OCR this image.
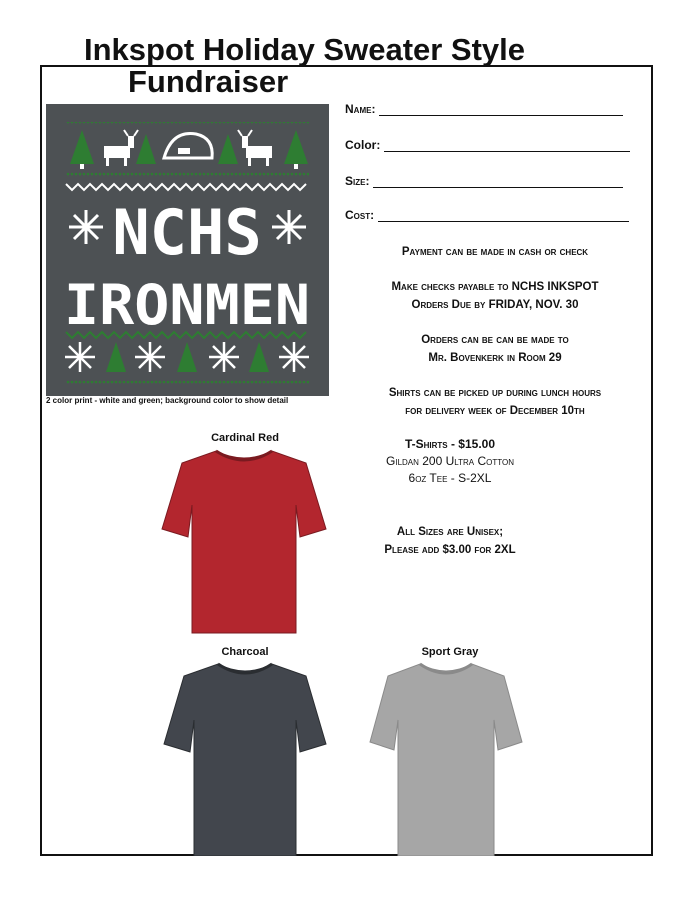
Inkspot Holiday Sweater Style
Fundraiser
NCHS
IRONMEN
2 color print - white and green; background color to show detail
Name:
Color:
Size:
Cost:
Payment can be made in cash or check
Make checks payable to NCHS INKSPOT
Orders Due by FRIDAY, NOV. 30
Orders can be can be made to
Mr. Bovenkerk in Room 29
Shirts can be picked up during lunch hours
for delivery week of December 10th
T-Shirts - $15.00
Gildan 200 Ultra Cotton
6oz Tee - S-2XL
All Sizes are Unisex;
Please add $3.00 for 2XL
Cardinal Red
Charcoal	Sport Gray
